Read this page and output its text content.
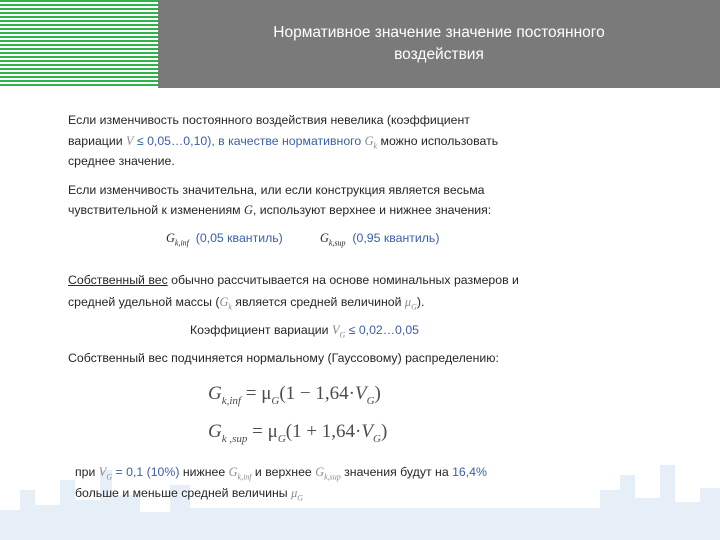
Нормативное значение значение постоянного
воздействия
Если изменчивость постоянного воздействия невелика (коэффициент
вариации V ≤ 0,05…0,10), в качестве нормативного $G_k$ можно использовать
среднее значение.
Если изменчивость значительна, или если конструкция является весьма
чувствительной к изменениям G, используют верхнее и нижнее значения:
$G_{k,inf}$ (0,05 квантиль)	$G_{k,sup}$ (0,95 квантиль)
Собственный вес обычно рассчитывается на основе номинальных размеров и
средней удельной массы ($G_k$ является средней величиной $\mu_G$).
Коэффициент вариации $V_G$ ≤ 0,02…0,05
Собственный вес подчиняется нормальному (Гауссовому) распределению:
$G_{k,inf} = \mu_G(1 - 1,64\cdot V_G)$
$G_{k ,sup} = \mu_G(1 + 1,64\cdot V_G)$
при $V_G = 0,1$ (10%) нижнее $G_{k,inf}$ и верхнее $G_{k,sup}$ значения будут на 16,4%
больше и меньше средней величины $\mu_G$
